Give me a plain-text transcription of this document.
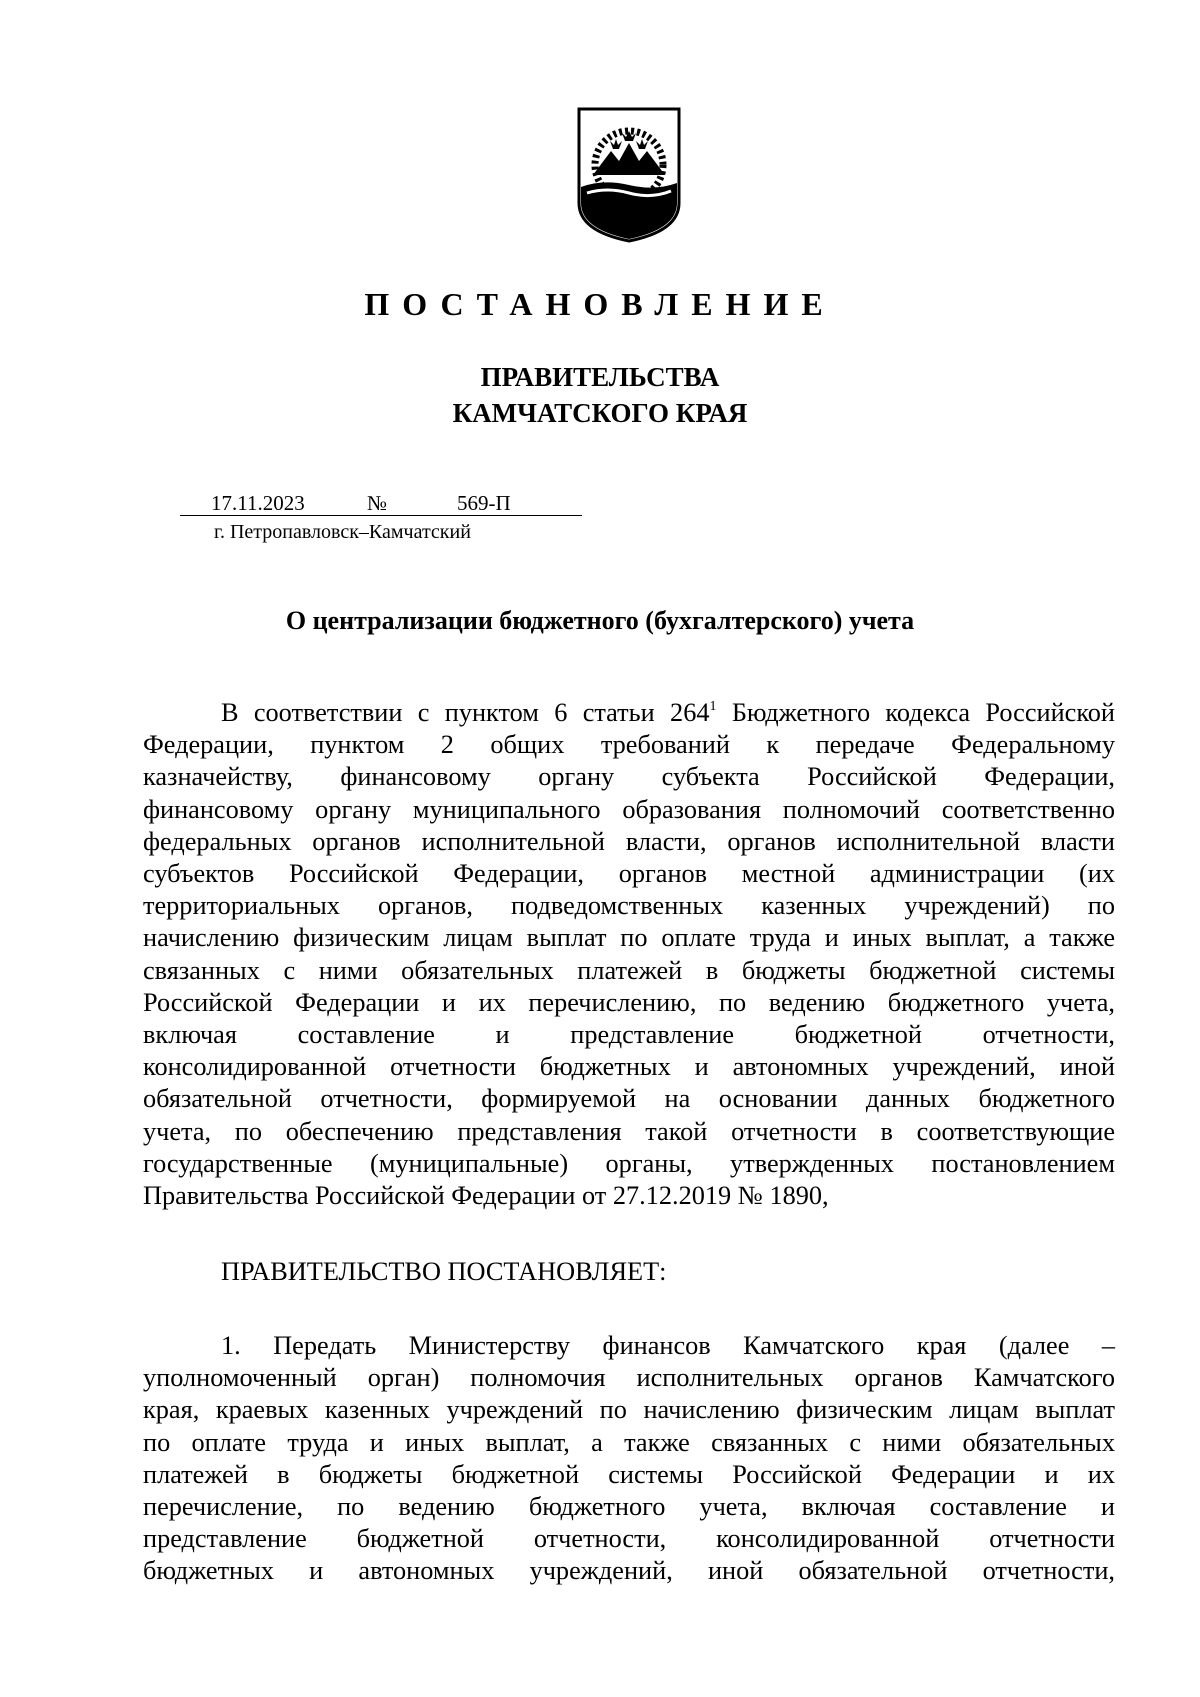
ПОСТАНОВЛЕНИЕ
ПРАВИТЕЛЬСТВА
КАМЧАТСКОГО КРАЯ
17.11.2023	№	569-П
г. Петропавловск–Камчатский
О централизации бюджетного (бухгалтерского) учета
В соответствии с пунктом 6 статьи $264^1$ Бюджетного кодекса Российской
Федерации, пунктом 2 общих требований к передаче Федеральному
казначейству, финансовому органу субъекта Российской Федерации,
финансовому органу муниципального образования полномочий соответственно
федеральных органов исполнительной власти, органов исполнительной власти
субъектов Российской Федерации, органов местной администрации (их
территориальных органов, подведомственных казенных учреждений) по
начислению физическим лицам выплат по оплате труда и иных выплат, а также
связанных с ними обязательных платежей в бюджеты бюджетной системы
Российской Федерации и их перечислению, по ведению бюджетного учета,
включая составление и представление бюджетной отчетности,
консолидированной отчетности бюджетных и автономных учреждений, иной
обязательной отчетности, формируемой на основании данных бюджетного
учета, по обеспечению представления такой отчетности в соответствующие
государственные (муниципальные) органы, утвержденных постановлением
Правительства Российской Федерации от 27.12.2019 № 1890,
ПРАВИТЕЛЬСТВО ПОСТАНОВЛЯЕТ:
1. Передать Министерству финансов Камчатского края (далее –
уполномоченный орган) полномочия исполнительных органов Камчатского
края, краевых казенных учреждений по начислению физическим лицам выплат
по оплате труда и иных выплат, а также связанных с ними обязательных
платежей в бюджеты бюджетной системы Российской Федерации и их
перечисление, по ведению бюджетного учета, включая составление и
представление бюджетной отчетности, консолидированной отчетности
бюджетных и автономных учреждений, иной обязательной отчетности,
